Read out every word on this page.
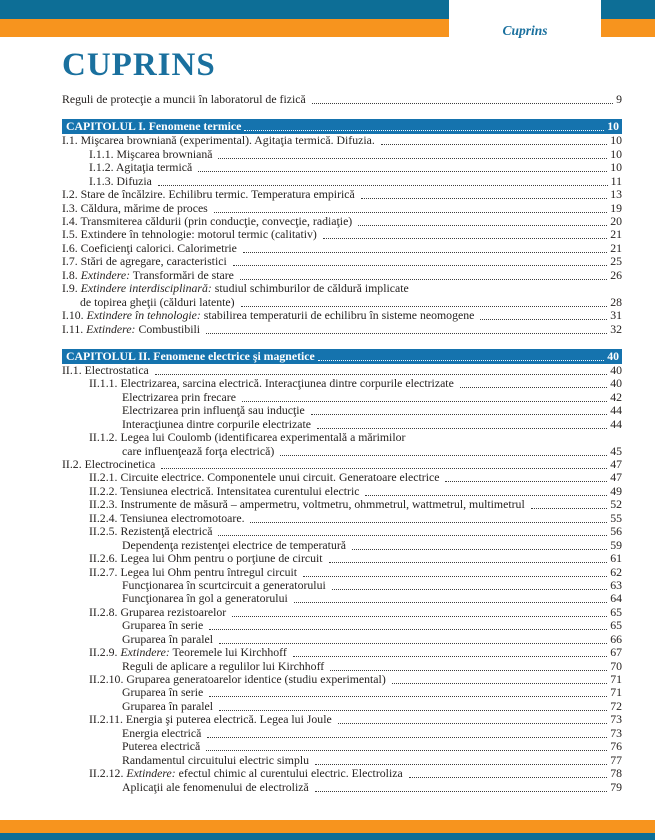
Cuprins
CUPRINS
Reguli de protecţie a muncii în laboratorul de fizică	9
CAPITOLUL I. Fenomene termice	10
I.1. Mişcarea browniană (experimental). Agitaţia termică. Difuzia.	10
I.1.1. Mişcarea browniană	10
I.1.2. Agitaţia termică	10
I.1.3. Difuzia	11
I.2. Stare de încălzire. Echilibru termic. Temperatura empirică	13
I.3. Căldura, mărime de proces	19
I.4. Transmiterea căldurii (prin conducţie, convecţie, radiaţie)	20
I.5. Extindere în tehnologie: motorul termic (calitativ)	21
I.6. Coeficienţi calorici. Calorimetrie	21
I.7. Stări de agregare, caracteristici	25
I.8. Extindere: Transformări de stare	26
I.9. Extindere interdisciplinară: studiul schimburilor de căldură implicate
de topirea gheţii (călduri latente)	28
I.10. Extindere în tehnologie: stabilirea temperaturii de echilibru în sisteme neomogene	31
I.11. Extindere: Combustibili	32
CAPITOLUL II. Fenomene electrice şi magnetice	40
II.1. Electrostatica	40
II.1.1. Electrizarea, sarcina electrică. Interacţiunea dintre corpurile electrizate	40
Electrizarea prin frecare	42
Electrizarea prin influenţă sau inducţie	44
Interacţiunea dintre corpurile electrizate	44
II.1.2. Legea lui Coulomb (identificarea experimentală a mărimilor
care influenţează forţa electrică)	45
II.2. Electrocinetica	47
II.2.1. Circuite electrice. Componentele unui circuit. Generatoare electrice	47
II.2.2. Tensiunea electrică. Intensitatea curentului electric	49
II.2.3. Instrumente de măsură – ampermetru, voltmetru, ohmmetrul, wattmetrul, multimetrul	52
II.2.4. Tensiunea electromotoare.	55
II.2.5. Rezistenţă electrică	56
Dependenţa rezistenţei electrice de temperatură	59
II.2.6. Legea lui Ohm pentru o porţiune de circuit	61
II.2.7. Legea lui Ohm pentru întregul circuit	62
Funcţionarea în scurtcircuit a generatorului	63
Funcţionarea în gol a generatorului	64
II.2.8. Gruparea rezistoarelor	65
Gruparea în serie	65
Gruparea în paralel	66
II.2.9. Extindere: Teoremele lui Kirchhoff	67
Reguli de aplicare a regulilor lui Kirchhoff	70
II.2.10. Gruparea generatoarelor identice (studiu experimental)	71
Gruparea în serie	71
Gruparea în paralel	72
II.2.11. Energia şi puterea electrică. Legea lui Joule	73
Energia electrică	73
Puterea electrică	76
Randamentul circuitului electric simplu	77
II.2.12. Extindere: efectul chimic al curentului electric. Electroliza	78
Aplicaţii ale fenomenului de electroliză	79
